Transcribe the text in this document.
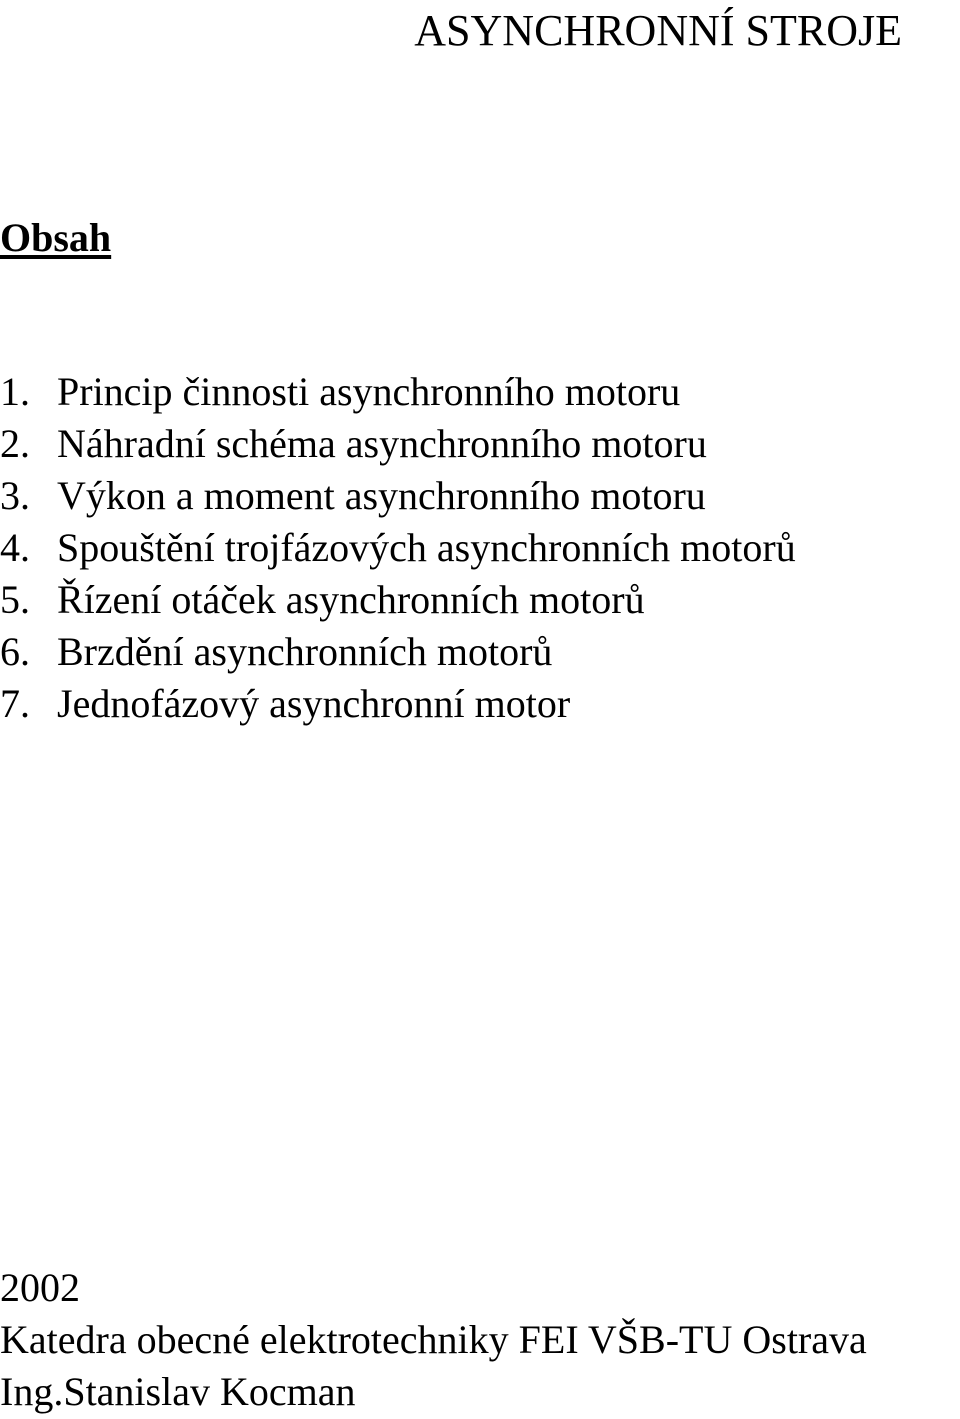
ASYNCHRONNÍ STROJE
Obsah
1. Princip činnosti asynchronního motoru
2. Náhradní schéma asynchronního motoru
3. Výkon a moment asynchronního motoru
4. Spouštění trojfázových asynchronních motorů
5. Řízení otáček asynchronních motorů
6. Brzdění asynchronních motorů
7. Jednofázový asynchronní motor
2002
Katedra obecné elektrotechniky FEI VŠB-TU Ostrava
Ing.Stanislav Kocman
